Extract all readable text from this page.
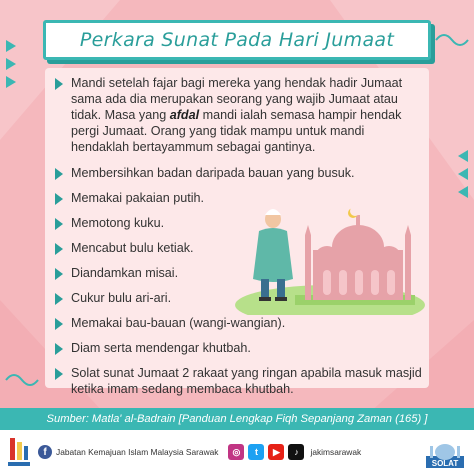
Perkara Sunat Pada Hari Jumaat
Mandi setelah fajar bagi mereka yang hendak hadir Jumaat sama ada dia merupakan seorang yang wajib Jumaat atau tidak. Masa yang afdal mandi ialah semasa hampir hendak pergi Jumaat. Orang yang tidak mampu untuk mandi hendaklah bertayammum sebagai gantinya.
Membersihkan badan daripada bauan yang busuk.
Memakai pakaian putih.
Memotong kuku.
Mencabut bulu ketiak.
Diandamkan misai.
Cukur bulu ari-ari.
Memakai bau-bauan (wangi-wangian).
Diam serta mendengar khutbah.
Solat sunat Jumaat 2 rakaat yang ringan apabila masuk masjid ketika imam sedang membaca khutbah.
Sumber: Matla' al-Badrain [Panduan Lengkap Fiqh Sepanjang Zaman (165) ]
f	Jabatan Kemajuan Islam Malaysia Sarawak	◎	t	▶	♪	jakimsarawak
SOLAT
